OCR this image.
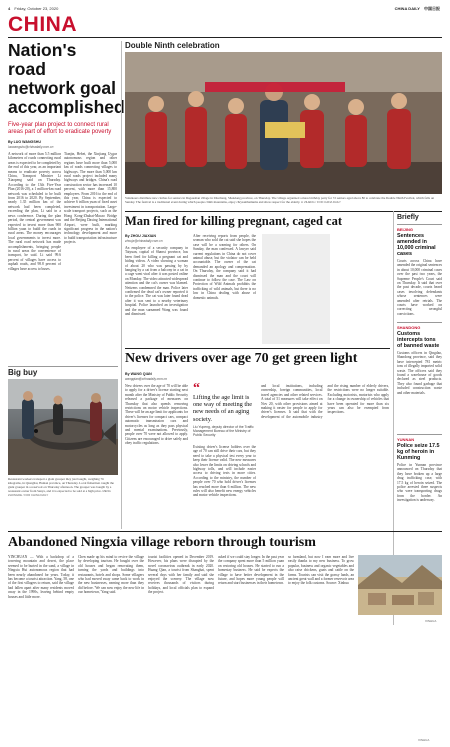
4 Friday, October 23, 2020	CHINA DAILY 中国日报
CHINA
Nation's road network goal accomplished
Five-year plan project to connect rural areas part of effort to eradicate poverty
By LUO WANGSHU
luowangshu@chinadaily.com.cn
A network of more than 5.5 million kilometers of roads connecting rural areas is expected to be completed by the end of this year, as an important means to eradicate poverty across China, Transport Minister Li Xiaopeng said on Thursday. According to the 13th Five-Year Plan (2016-20), a 1 million-km road network was scheduled to be built from 2016 to 2020. By September, nearly 1.35 million km of the network had been completed, exceeding the plan, Li said in a news conference. During the plan period, the central government was expected to invest more than 900 billion yuan to build the roads in rural areas. The money encourages local governments to invest more. The rural road network has made accomplishments, bringing people in rural areas the convenience of transport, he said. Li said 99.6 percent of villages have access to asphalt roads, and 98.8 percent of villages have access to buses.
Tianjin, Hebei, the Xinjiang Uygur autonomous region and other regions have built more than 5,000 km of roads connecting villages to highways. The more than 5,000 km rural roads project included many highways and bridges. China's road construction sector has increased 10 percent, with more than 15,800 employees. From 2016 to the end of this year, China is expected to achieve 6 trillion yuan of fixed asset investment in transportation. Large-scale transport projects, such as the Hong Kong-Zhuhai-Macao Bridge and the Beijing Daxing International Airport, were built, marking significant progress in the nation's technology development and more to build transportation infrastructure projects.
Big buy
Restaurant workers transport a giant grouper they just bought, weighing 76 kilograms, in Qionghai, Hainan province, on Thursday. Local fishermen caught the giant grouper in a reservoir on Thursday afternoon. The grouper was bought by a restaurant owner from Sanya, and it is expected to be sold at a high price. MENG ZHONGDE / FOR CHINA DAILY
Double Ninth celebration
Volunteers distribute new clothes for seniors in Dagoushan village in Zhucheng, Shandong province, on Thursday. The village organized a mass birthday party for 72 seniors aged above 80 to celebrate the Double Ninth Festival, which falls on Sunday. The festival is a traditional event during which people climb mountains, enjoy chrysanthemums and show respect for the elderly. LI ZIHENG / FOR CHINA DAILY
Man fired for killing pregnant, caged cat
By ZHOU JIAXIAN
zhoujx@chinadaily.com.cn
An employee of a security company in Taiyuan, capital of Shanxi province, has been fired for killing a pregnant cat and hiding videos. A video showing a woman of about 20 who was passing by by hanging by a cat from a balcony in a cat in a cage went viral after it was posted online on Monday. The video attracted widespread attention and the cat's owner was blamed. Netizens condemned the man. Police later confirmed the dead cat's owner reported it to the police. The cat was later found dead after it was sent to a nearby veterinary hospital. Police launched an investigation and the man surnamed Wang was found and dismissed.
After receiving reports from people, the woman who sold the cat said she hopes the case will be a warning for others. On Sunday, the man confessed. A lawyer said current regulations in China do not cover animal abuse, but the violator can be held accountable. The owner of the cat demanded an apology and compensation. On Thursday, the company said it had dismissed the man and the court will continue to follow the case. The Law on Protection of Wild Animals prohibits the trafficking of wild animals, but there is no law in China dealing with abuse of domestic animals.
Briefly
BEIJING
Sentences amended in 10,000 criminal cases
Courts across China have amended the original sentences in about 10,000 criminal cases over the past two years, the Supreme People's Court said on Thursday. It said that over the past decade, courts heard cases involving defendants whose sentences were amended after retrials. The courts have worked on correcting wrongful convictions.
SHANDONG
Customs intercepts tons of banned waste
Customs officers in Qingdao, Shandong province, said they have intercepted 781 metric tons of illegally imported solid waste. The officers said they found a warehouse of goods declared as steel products. They also found garbage that included construction waste and other materials.
YUNNAN
Police seize 17.5 kg of heroin in Kunming
Police in Yunnan province announced on Thursday that they have broken up a large drug trafficking case, with 17.5 kg of heroin seized. The police arrested three suspects who were transporting drugs from the border. An investigation is underway.
XINHUA
New drivers over age 70 get green light
By WANG QIAN
wangqian@chinadaily.com.cn
New drivers over the age of 70 will be able to apply for a driver's license starting next month after the Ministry of Public Security released a package of measures on Thursday that also spends removing restrictions on motor vehicle inspections. These will be an age limit for applicants for driver's licenses for compact cars, compact automatic transmission cars and motorcycles as long as they pass physical and mental examinations. Previously, people over 70 were not allowed to apply. Citizens are encouraged to drive safely and obey traffic regulations.
“
Lifting the age limit is one way of meeting the new needs of an aging society.
Liu Yupeng, deputy director of the Traffic Management Bureau of the Ministry of Public Security
Existing driver's license holders over the age of 70 can still drive their cars, but they need to take a physical test every year to keep their license valid. The new measures also lower the limits on driving schools and highway tolls, and will include easier access to driving tests in more cities. According to the ministry, the number of people over 70 who hold driver's licenses has reached more than 6 million. The new rules will also benefit new energy vehicles and motor vehicle inspections.
and local institutions, including ownership, foreign communities, local travel agencies and other related services. A total of 51 measures will take effect on Nov 20, with other provisions aimed at making it easier for people to apply for driver's licenses. It said that with the development of the automobile industry and the rising number of elderly drivers, the restrictions were no longer suitable. Excluding motorists, motorists who apply for a change in ownership of vehicles that have been operated for more than six years can also be exempted from inspections.
Abandoned Ningxia village reborn through tourism
YINCHUAN — With a backdrop of a towering mountain and desert, the place seemed to be buried in the sand, a village in Ningxia Hui autonomous region that had been nearly abandoned for years. Today, it has become a tourist attraction. Yang, 58, one of the first villagers to return, said the village had fallen apart after many residents moved away in the 1990s, leaving behind empty houses and little more.
Chen made up his mind to revive the village by developing tourism. He bought over the old houses and began renovating them, turning the yards and buildings into restaurants, hotels and shops. Some villagers who had moved away came back to work in the new businesses, earning more than they did before. 'We can now enjoy the new life in our hometown,' Yang said.
tourist facilities opened in December 2019. However, his plans were disrupted by the novel coronavirus outbreak in early 2020. Huang Qian, a tourist from Shanghai, spent several days with her family and said she enjoyed the scenery. The village now receives thousands of visitors during holidays, and local officials plan to expand the project.
asked if we could stay longer. In the past year the company spent more than 5 million yuan on restoring old houses. He started to run a homestay business. He said he expects the village to have better development in the future, and hopes more young people will return and start businesses in their hometown.
so farmland, but now I earn more and live easily thanks to my new business. To grow popular, business and organic vegetables and also raise chickens, goats and cattle on the farms. Tourists can visit the grassy lands, an ancient great wall and a former reservoir area to enjoy the folk customs. Source: Xinhua
XINHUA
